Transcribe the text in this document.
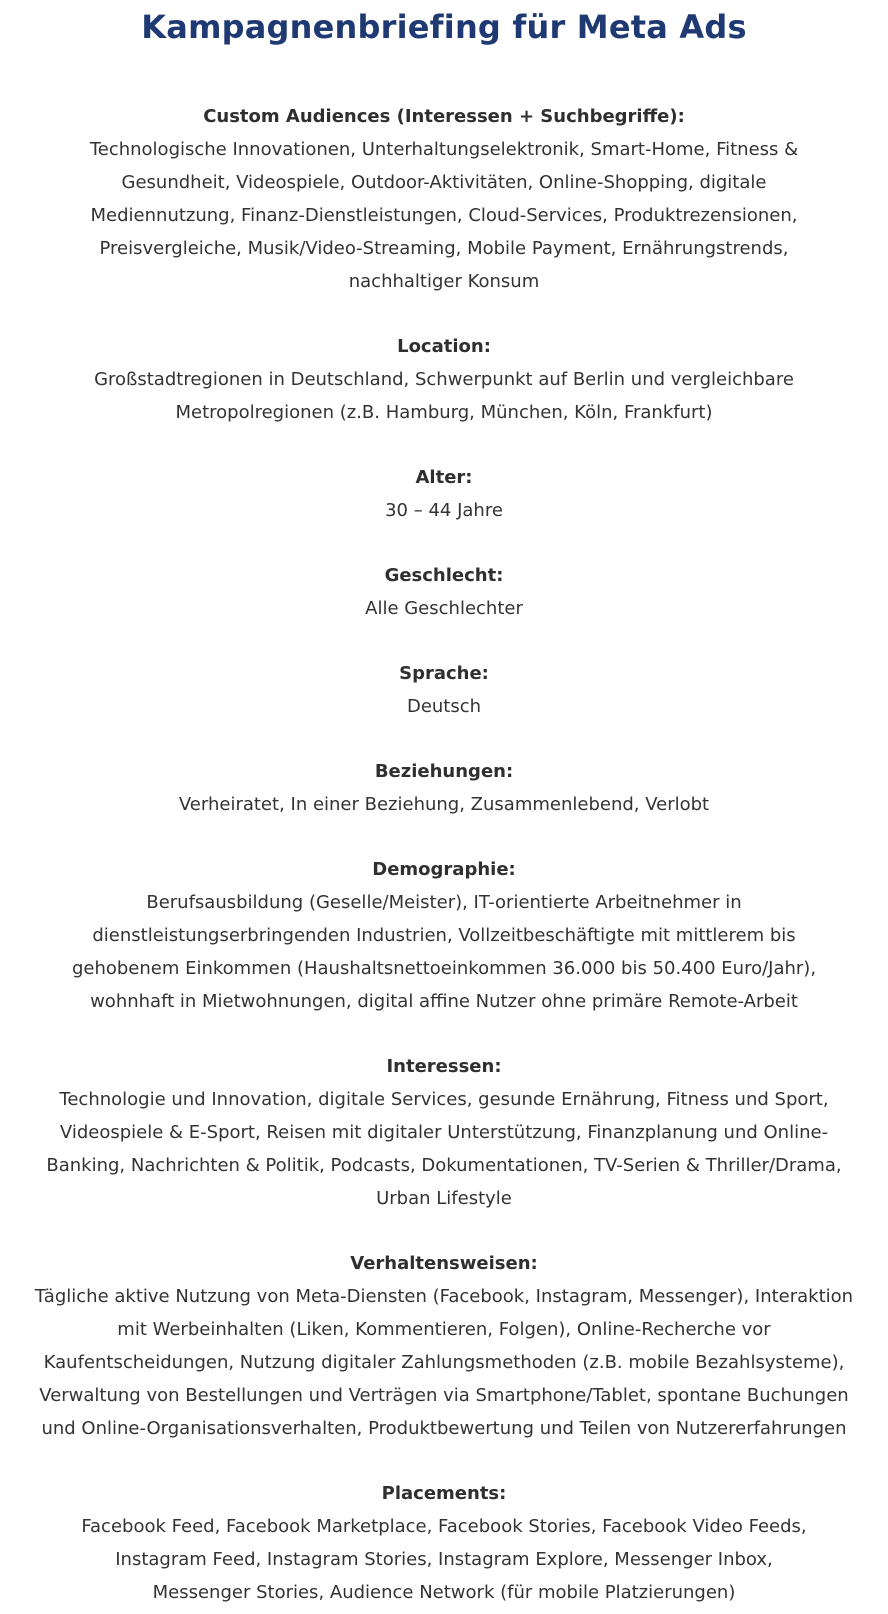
Kampagnenbriefing für Meta Ads
Custom Audiences (Interessen + Suchbegriffe):
Technologische Innovationen, Unterhaltungselektronik, Smart-Home, Fitness & Gesundheit, Videospiele, Outdoor-Aktivitäten, Online-Shopping, digitale Mediennutzung, Finanz-Dienstleistungen, Cloud-Services, Produktrezensionen, Preisvergleiche, Musik/Video-Streaming, Mobile Payment, Ernährungstrends, nachhaltiger Konsum
Location:
Großstadtregionen in Deutschland, Schwerpunkt auf Berlin und vergleichbare Metropolregionen (z.B. Hamburg, München, Köln, Frankfurt)
Alter:
30 – 44 Jahre
Geschlecht:
Alle Geschlechter
Sprache:
Deutsch
Beziehungen:
Verheiratet, In einer Beziehung, Zusammenlebend, Verlobt
Demographie:
Berufsausbildung (Geselle/Meister), IT-orientierte Arbeitnehmer in dienstleistungserbringenden Industrien, Vollzeitbeschäftigte mit mittlerem bis gehobenem Einkommen (Haushaltsnettoeinkommen 36.000 bis 50.400 Euro/Jahr), wohnhaft in Mietwohnungen, digital affine Nutzer ohne primäre Remote-Arbeit
Interessen:
Technologie und Innovation, digitale Services, gesunde Ernährung, Fitness und Sport, Videospiele & E-Sport, Reisen mit digitaler Unterstützung, Finanzplanung und Online-Banking, Nachrichten & Politik, Podcasts, Dokumentationen, TV-Serien & Thriller/Drama, Urban Lifestyle
Verhaltensweisen:
Tägliche aktive Nutzung von Meta-Diensten (Facebook, Instagram, Messenger), Interaktion mit Werbeinhalten (Liken, Kommentieren, Folgen), Online-Recherche vor Kaufentscheidungen, Nutzung digitaler Zahlungsmethoden (z.B. mobile Bezahlsysteme), Verwaltung von Bestellungen und Verträgen via Smartphone/Tablet, spontane Buchungen und Online-Organisationsverhalten, Produktbewertung und Teilen von Nutzererfahrungen
Placements:
Facebook Feed, Facebook Marketplace, Facebook Stories, Facebook Video Feeds, Instagram Feed, Instagram Stories, Instagram Explore, Messenger Inbox, Messenger Stories, Audience Network (für mobile Platzierungen)
